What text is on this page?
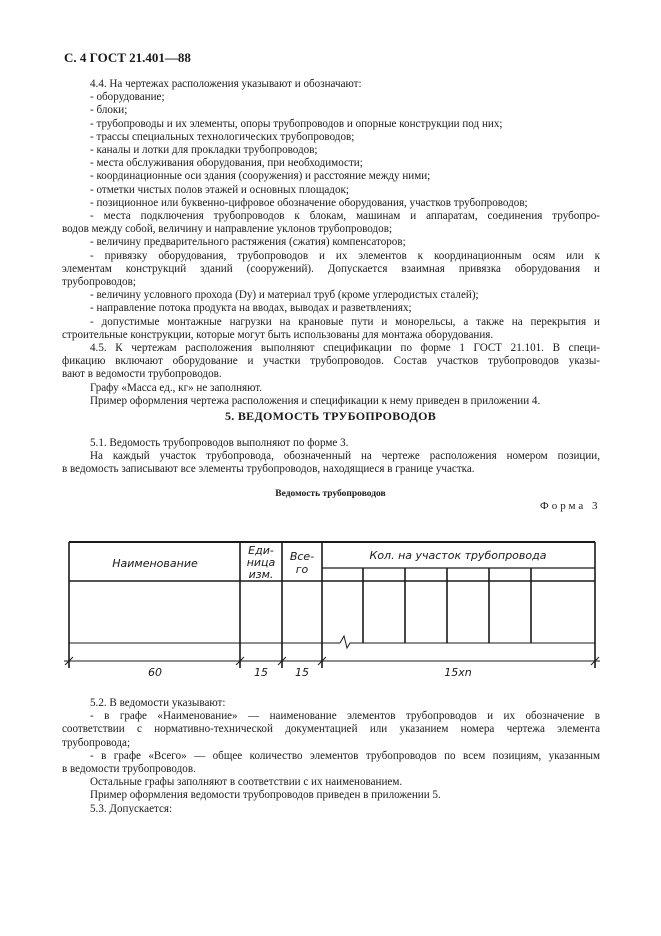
С. 4 ГОСТ 21.401—88
4.4. На чертежах расположения указывают и обозначают:
- оборудование;
- блоки;
- трубопроводы и их элементы, опоры трубопроводов и опорные конструкции под них;
- трассы специальных технологических трубопроводов;
- каналы и лотки для прокладки трубопроводов;
- места обслуживания оборудования, при необходимости;
- координационные оси здания (сооружения) и расстояние между ними;
- отметки чистых полов этажей и основных площадок;
- позиционное или буквенно-цифровое обозначение оборудования, участков трубопроводов;
- места подключения трубопроводов к блокам, машинам и аппаратам, соединения трубопро-
водов между собой, величину и направление уклонов трубопроводов;
- величину предварительного растяжения (сжатия) компенсаторов;
- привязку оборудования, трубопроводов и их элементов к координационным осям или к
элементам конструкций зданий (сооружений). Допускается взаимная привязка оборудования и
трубопроводов;
- величину условного прохода (Dу) и материал труб (кроме углеродистых сталей);
- направление потока продукта на вводах, выводах и разветвлениях;
- допустимые монтажные нагрузки на крановые пути и монорельсы, а также на перекрытия и
строительные конструкции, которые могут быть использованы для монтажа оборудования.
4.5. К чертежам расположения выполняют спецификации по форме 1 ГОСТ 21.101. В специ-
фикацию включают оборудование и участки трубопроводов. Состав участков трубопроводов указы-
вают в ведомости трубопроводов.
Графу «Масса ед., кг» не заполняют.
Пример оформления чертежа расположения и спецификации к нему приведен в приложении 4.
5. ВЕДОМОСТЬ ТРУБОПРОВОДОВ
5.1. Ведомость трубопроводов выполняют по форме 3.
На каждый участок трубопровода, обозначенный на чертеже расположения номером позиции,
в ведомость записывают все элементы трубопроводов, находящиеся в границе участка.
Ведомость трубопроводов
Форма 3
Наименование
Еди-
ница
изм.
Все-
го
Кол. на участок трубопровода
60	15 15	15хn
5.2. В ведомости указывают:
- в графе «Наименование» — наименование элементов трубопроводов и их обозначение в
соответствии с нормативно-технической документацией или указанием номера чертежа элемента
трубопровода;
- в графе «Всего» — общее количество элементов трубопроводов по всем позициям, указанным
в ведомости трубопроводов.
Остальные графы заполняют в соответствии с их наименованием.
Пример оформления ведомости трубопроводов приведен в приложении 5.
5.3. Допускается:
